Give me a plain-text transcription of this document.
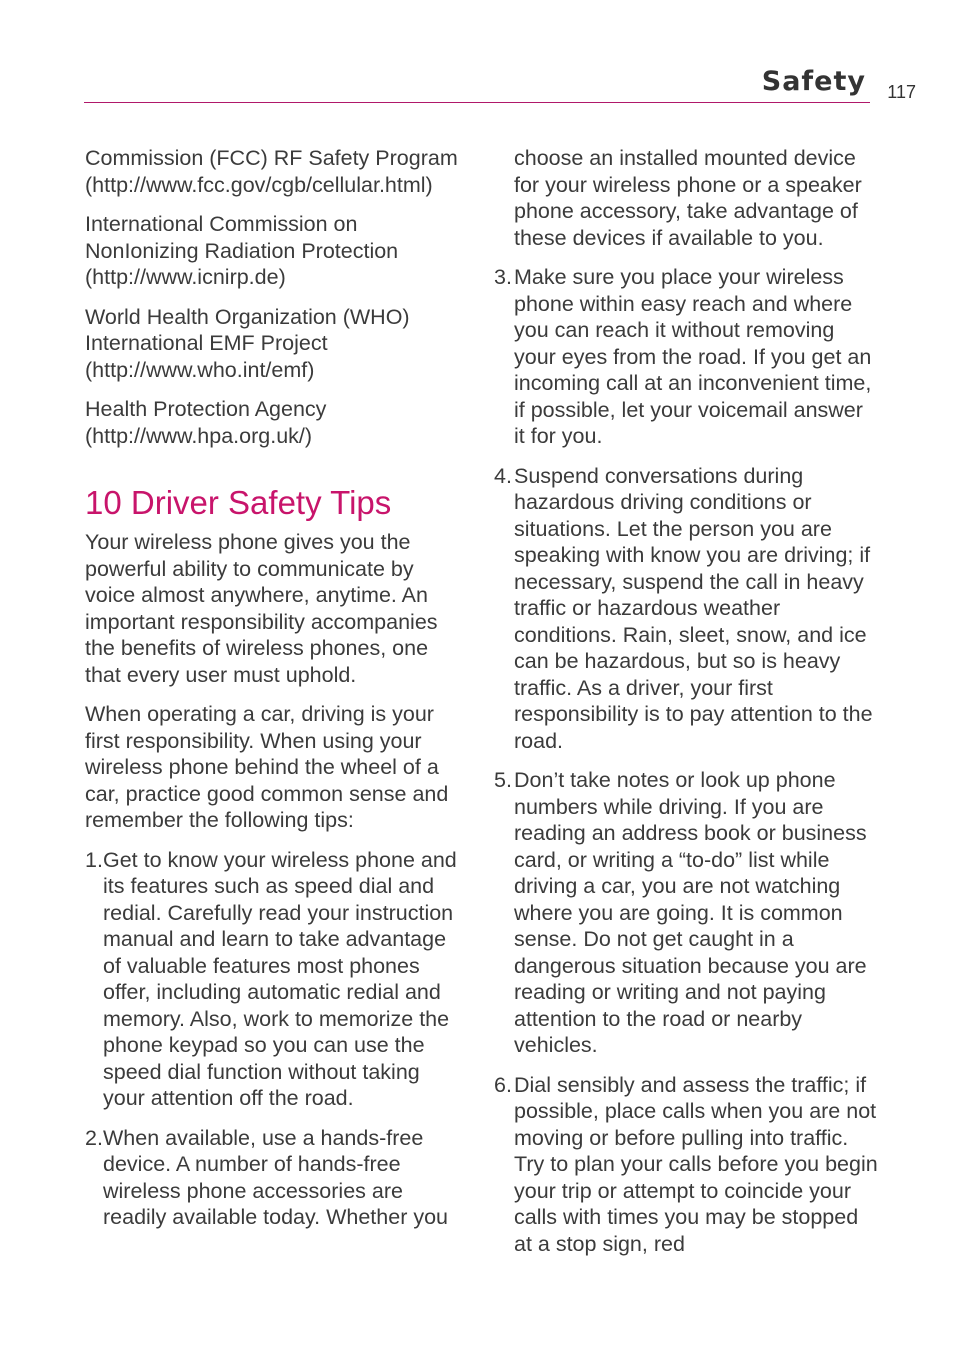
Safety 117

Commission (FCC) RF Safety Program (http://www.fcc.gov/cgb/cellular.html)

International Commission on NonIonizing Radiation Protection (http://www.icnirp.de)

World Health Organization (WHO) International EMF Project (http://www.who.int/emf)

Health Protection Agency (http://www.hpa.org.uk/)

10 Driver Safety Tips

Your wireless phone gives you the powerful ability to communicate by voice almost anywhere, anytime. An important responsibility accompanies the benefits of wireless phones, one that every user must uphold.

When operating a car, driving is your first responsibility. When using your wireless phone behind the wheel of a car, practice good common sense and remember the following tips:

1. Get to know your wireless phone and its features such as speed dial and redial. Carefully read your instruction manual and learn to take advantage of valuable features most phones offer, including automatic redial and memory. Also, work to memorize the phone keypad so you can use the speed dial function without taking your attention off the road.
2. When available, use a hands-free device. A number of hands-free wireless phone accessories are readily available today. Whether you

choose an installed mounted device for your wireless phone or a speaker phone accessory, take advantage of these devices if available to you.

3. Make sure you place your wireless phone within easy reach and where you can reach it without removing your eyes from the road. If you get an incoming call at an inconvenient time, if possible, let your voicemail answer it for you.
4. Suspend conversations during hazardous driving conditions or situations. Let the person you are speaking with know you are driving; if necessary, suspend the call in heavy traffic or hazardous weather conditions. Rain, sleet, snow, and ice can be hazardous, but so is heavy traffic. As a driver, your first responsibility is to pay attention to the road.
5. Don’t take notes or look up phone numbers while driving. If you are reading an address book or business card, or writing a “to-do” list while driving a car, you are not watching where you are going. It is common sense. Do not get caught in a dangerous situation because you are reading or writing and not paying attention to the road or nearby vehicles.
6. Dial sensibly and assess the traffic; if possible, place calls when you are not moving or before pulling into traffic. Try to plan your calls before you begin your trip or attempt to coincide your calls with times you may be stopped at a stop sign, red
